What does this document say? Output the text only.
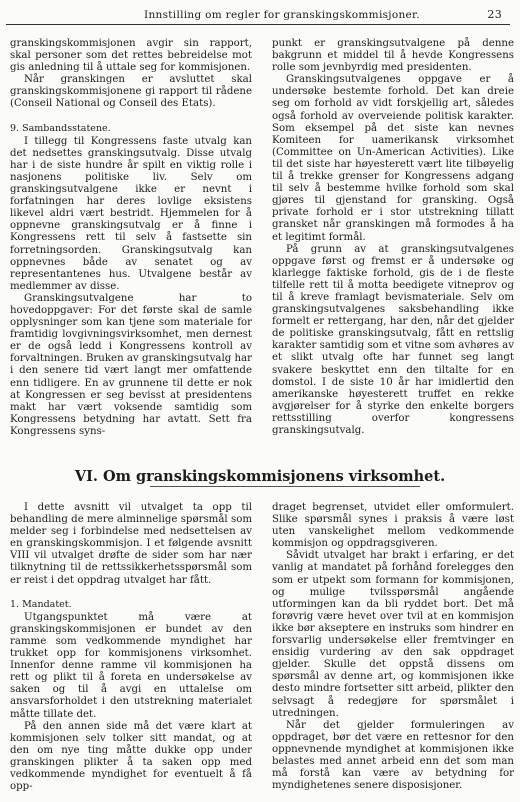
Innstilling om regler for granskingskommisjoner.	23

granskingskommisjonen avgir sin rapport, skal personer som det rettes bebreidelse mot gis anledning til å uttale seg for kommisjonen.

Når granskingen er avsluttet skal granskingskommisjonene gi rapport til rådene (Conseil National og Conseil des Etats).

9. Sambandsstatene.

I tillegg til Kongressens faste utvalg kan det nedsettes granskingsutvalg. Disse utvalg har i de siste hundre år spilt en viktig rolle i nasjonens politiske liv. Selv om granskingsutvalgene ikke er nevnt i forfatningen har deres lovlige eksistens likevel aldri vært bestridt. Hjemmelen for å oppnevne granskingsutvalg er å finne i Kongressens rett til selv å fastsette sin forretningsorden. Granskingsutvalg kan oppnevnes både av senatet og av representantenes hus. Utvalgene består av medlemmer av disse.

Granskingsutvalgene har to hovedoppgaver: For det første skal de samle opplysninger som kan tjene som materiale for framtidig lovgivningsvirksomhet, men dernest er de også ledd i Kongressens kontroll av forvaltningen. Bruken av granskingsutvalg har i den senere tid vært langt mer omfattende enn tidligere. En av grunnene til dette er nok at Kongressen er seg bevisst at presidentens makt har vært voksende samtidig som Kongressens betydning har avtatt. Sett fra Kongressens syns-

punkt er granskingsutvalgene på denne bakgrunn et middel til å hevde Kongressens rolle som jevnbyrdig med presidenten.

Granskingsutvalgenes oppgave er å undersøke bestemte forhold. Det kan dreie seg om forhold av vidt forskjellig art, således også forhold av overveiende politisk karakter. Som eksempel på det siste kan nevnes Komiteen for uamerikansk virksomhet (Committee on Un-American Activities). Like til det siste har høyesterett vært lite tilbøyelig til å trekke grenser for Kongressens adgang til selv å bestemme hvilke forhold som skal gjøres til gjenstand for gransking. Også private forhold er i stor utstrekning tillatt gransket når granskingen må formodes å ha et legitimt formål.

På grunn av at granskingsutvalgenes oppgave først og fremst er å undersøke og klarlegge faktiske forhold, gis de i de fleste tilfelle rett til å motta beedigete vitneprov og til å kreve framlagt bevismateriale. Selv om granskingsutvalgenes saksbehandling ikke formelt er rettergang, har den, når det gjelder de politiske granskingsutvalg, fått en rettslig karakter samtidig som et vitne som avhøres av et slikt utvalg ofte har funnet seg langt svakere beskyttet enn den tiltalte for en domstol. I de siste 10 år har imidlertid den amerikanske høyesterett truffet en rekke avgjørelser for å styrke den enkelte borgers rettsstilling overfor kongressens granskingsutvalg.

VI. Om granskingskommisjonens virksomhet.

I dette avsnitt vil utvalget ta opp til behandling de mere alminnelige spørsmål som melder seg i forbindelse med nedsettelsen av en granskingskommisjon. I et følgende avsnitt VIII vil utvalget drøfte de sider som har nær tilknytning til de rettssikkerhetsspørsmål som er reist i det oppdrag utvalget har fått.

1. Mandatet.

Utgangspunktet må være at granskingskommisjonen er bundet av den ramme som vedkommende myndighet har trukket opp for kommisjonens virksomhet. Innenfor denne ramme vil kommisjonen ha rett og plikt til å foreta en undersøkelse av saken og til å avgi en uttalelse om ansvarsforholdet i den utstrekning materialet måtte tillate det.

På den annen side må det være klart at kommisjonen selv tolker sitt mandat, og at den om nye ting måtte dukke opp under granskingen plikter å ta saken opp med vedkommende myndighet for eventuelt å få opp-

draget begrenset, utvidet eller omformulert. Slike spørsmål synes i praksis å være løst uten vanskelighet mellom vedkommende kommisjon og oppdragsgiveren.

Såvidt utvalget har brakt i erfaring, er det vanlig at mandatet på forhånd forelegges den som er utpekt som formann for kommisjonen, og mulige tvilsspørsmål angående utformingen kan da bli ryddet bort. Det må forøvrig være hevet over tvil at en kommisjon ikke bør akseptere en instruks som hindrer en forsvarlig undersøkelse eller fremtvinger en ensidig vurdering av den sak oppdraget gjelder. Skulle det oppstå dissens om spørsmål av denne art, og kommisjonen ikke desto mindre fortsetter sitt arbeid, plikter den selvsagt å redegjøre for spørsmålet i utredningen.

Når det gjelder formuleringen av oppdraget, bør det være en rettesnor for den oppnevnende myndighet at kommisjonen ikke belastes med annet arbeid enn det som man må forstå kan være av betydning for myndighetenes senere disposisjoner.
